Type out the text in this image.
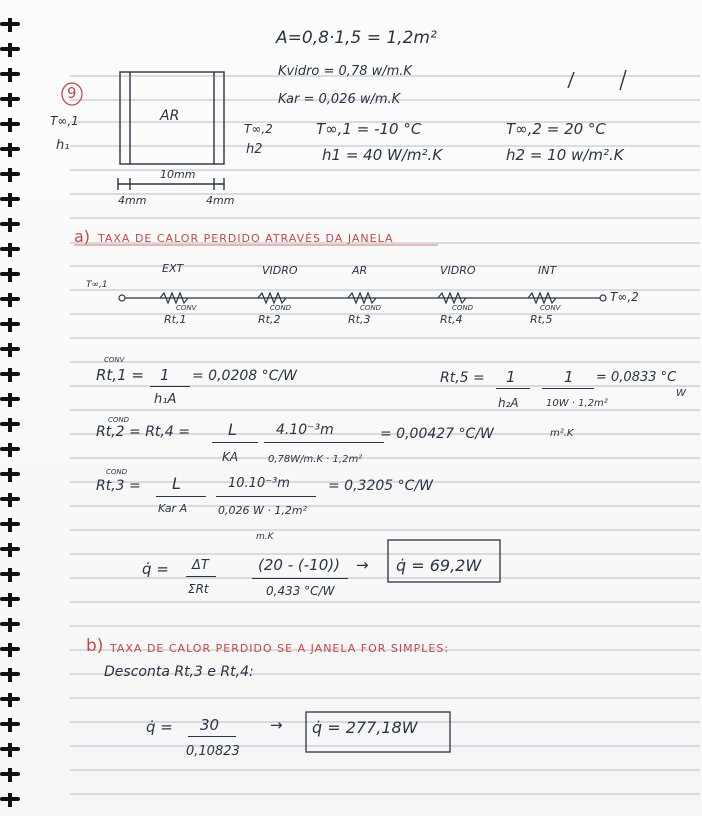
A=0,8·1,5 = 1,2m²
Kvidro = 0,78 w/m.K
Kar = 0,026 w/m.K
9
T∞,1
h₁
AR
T∞,2
h2
T∞,1 = -10 °C	T∞,2 = 20 °C
h1 = 40 W/m².K	h2 = 10 w/m².K
10mm
4mm	4mm
a) TAXA DE CALOR PERDIDO ATRAVÉS DA JANELA
EXT	VIDRO	AR	VIDRO	INT
T∞,1
T∞,2
CONV
Rt,1
COND
Rt,2
COND
Rt,3
COND
Rt,4
CONV
Rt,5
CONV
Rt,1 = 1
h₁A
= 0,0208 °C/W	Rt,5 = 1
h₂A
1
10W · 1,2m²
m².K
= 0,0833 °C
W
COND
Rt,2 = Rt,4 = L
KA
4.10⁻³m
0,78W/m.K · 1,2m²
= 0,00427 °C/W
COND
Rt,3 = L
Kar A
10.10⁻³m
0,026 W · 1,2m²
m.K
= 0,3205 °C/W
q̇ = ΔT
ΣRt
(20 - (-10))
0,433 °C/W
→ q̇ = 69,2W
b) TAXA DE CALOR PERDIDO SE A JANELA FOR SIMPLES:
Desconta Rt,3 e Rt,4:
q̇ = 30
0,10823
→ q̇ = 277,18W
